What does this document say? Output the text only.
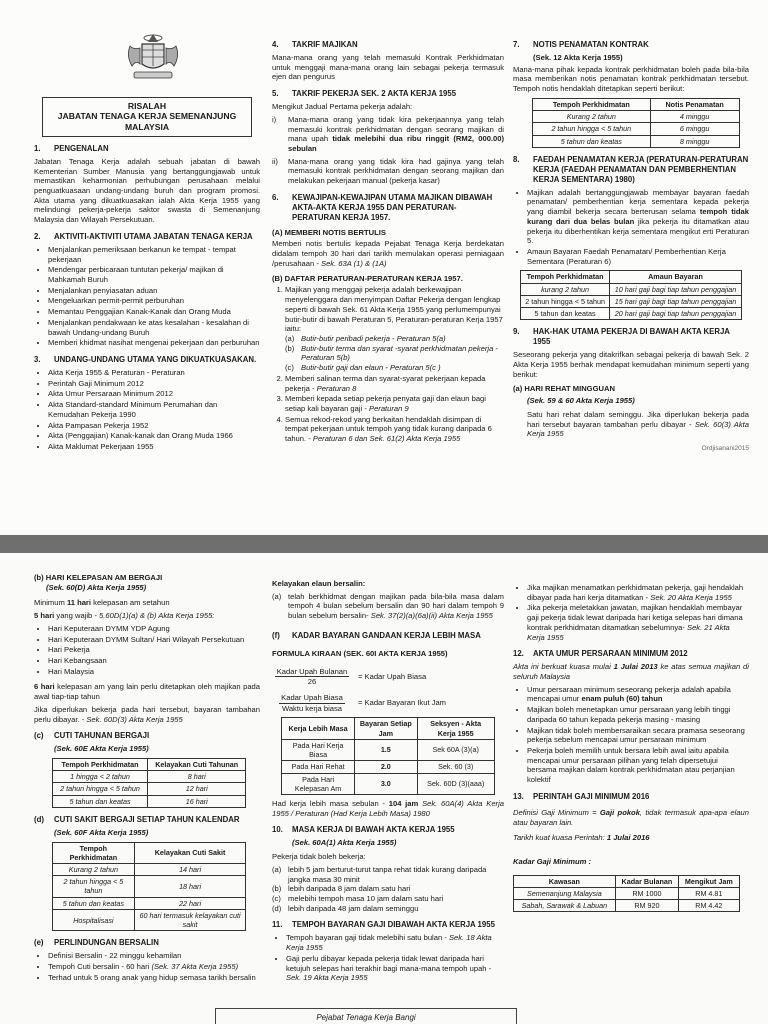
RISALAH
JABATAN TENAGA KERJA SEMENANJUNG
MALAYSIA
1.	PENGENALAN

Jabatan Tenaga Kerja adalah sebuah jabatan di bawah Kementerian Sumber Manusia yang bertanggungjawab untuk memastikan keharmonian perhubungan perusahaan melalui penguatkuasaan undang-undang buruh dan program promosi. Akta utama yang dikuatkuasakan ialah Akta Kerja 1955 yang melindungi pekerja-pekerja saktor swasta di Semenanjung Malaysia dan Wilayah Persekutuan.

2.	AKTIVITI-AKTIVITI UTAMA JABATAN TENAGA KERJA
• Menjalankan pemeriksaan berkanun ke tempat - tempat pekerjaan
• Mendengar perbicaraan tuntutan pekerja/ majikan di Mahkamah Buruh
• Menjalankan penyiasatan aduan
• Mengeluarkan permit-permit perburuhan
• Memantau Penggajian Kanak-Kanak dan Orang Muda
• Menjalankan pendakwaan ke atas kesalahan - kesalahan di bawah Undang-undang Buruh
• Memberi khidmat nasihat mengenai pekerjaan dan perburuhan
3.	UNDANG-UNDANG UTAMA YANG DIKUATKUASAKAN.
• Akta Kerja 1955 & Peraturan - Peraturan
• Perintah Gaji Minimum 2012
• Akta Umur Persaraan Minimum 2012
• Akta Standard-standard Minimum Perumahan dan Kemudahan Pekerja 1990
• Akta Pampasan Pekerja 1952
• Akta (Penggajian) Kanak-kanak dan Orang Muda 1966
• Akta Maklumat Pekerjaan 1955
4.	TAKRIF MAJIKAN

Mana-mana orang yang telah memasuki Kontrak Perkhidmatan untuk menggaji mana-mana orang lain sebagai pekerja termasuk ejen dan pengurus

5.	TAKRIF PEKERJA SEK. 2 AKTA KERJA 1955

Mengikut Jadual Pertama pekerja adalah:

i)	Mana-mana orang yang tidak kira pekerjaannya yang telah memasuki kontrak perkhidmatan dengan seorang majikan di mana upah tidak melebihi dua ribu ringgit (RM2, 000.00) sebulan
ii)	Mana-mana orang yang tidak kira had gajinya yang telah memasuki kontrak perkhidmatan dengan seorang majikan dan melakukan pekerjaan manual (pekerja kasar)
6.	KEWAJIPAN-KEWAJIPAN UTAMA MAJIKAN DIBAWAH AKTA-AKTA KERJA 1955 DAN PERATURAN-PERATURAN KERJA 1957.
(A) MEMBERI NOTIS BERTULIS

Memberi notis bertulis kepada Pejabat Tenaga Kerja berdekatan didalam tempoh 30 hari dari tarikh memulakan operasi perniagaan /perusahaan - Sek. 63A (1) & (1A)

(B) DAFTAR PERATURAN-PERATURAN KERJA 1957.
1. Majikan yang menggaji pekerja adalah berkewajipan menyelenggara dan menyimpan Daftar Pekerja dengan lengkap seperti di bawah Sek. 61 Akta Kerja 1955 yang perlumempunyai butir-butir di bawah Peraturan 5, Peraturan-peraturan Kerja 1957 iaitu:
(a) Butir-butir peribadi pekerja - Peraturan 5(a)
(b) Butir-butir terma dan syarat -syarat perkhidmatan pekerja - Peraturan 5(b)
(c) Butir-butir gaji dan elaun - Peraturan 5(c )
2. Memberi salinan terma dan syarat-syarat pekerjaan kepada pekerja - Peraturan 8
3. Memberi kepada setiap pekerja penyata gaji dan elaun bagi setiap kali bayaran gaji - Peraturan 9
4. Semua rekod-rekod yang berkaitan hendaklah disimpan di tempat pekerjaan untuk tempoh yang tidak kurang daripada 6 tahun. - Peraturan 6 dan Sek. 61(2) Akta Kerja 1955
7.	NOTIS PENAMATAN KONTRAK
(Sek. 12 Akta Kerja 1955)

Mana-mana pihak kepada kontrak perkhidmatan boleh pada bila-bila masa memberikan notis penamatan kontrak perkhidmatan tersebut. Tempoh notis hendaklah ditetapkan seperti berikut:

Tempoh Perkhidmatan	Notis Penamatan
Kurang 2 tahun	4 minggu
2 tahun hingga < 5 tahun	6 minggu
5 tahun dan keatas	8 minggu
8.	FAEDAH PENAMATAN KERJA (PERATURAN-PERATURAN KERJA (FAEDAH PENAMATAN DAN PEMBERHENTIAN KERJA SEMENTARA) 1980)
• Majikan adalah bertanggungjawab membayar bayaran faedah penamatan/ pemberhentian kerja sementara kepada pekerja yang diambil bekerja secara berterusan selama tempoh tidak kurang dari dua belas bulan jika pekerja itu ditamatkan atau pekerja itu diberhentikan kerja sementara mengikut erti Peraturan 5.
• Amaun Bayaran Faedah Penamatan/ Pemberhentian Kerja Sementara (Peraturan 6)
Tempoh Perkhidmatan	Amaun Bayaran
kurang 2 tahun	10 hari gaji bagi tiap tahun penggajian
2 tahun hingga < 5 tahun	15 hari gaji bagi tiap tahun penggajian
5 tahun dan keatas	20 hari gaji bagi tiap tahun penggajian
9.	HAK-HAK UTAMA PEKERJA DI BAWAH AKTA KERJA 1955

Seseorang pekerja yang ditakrifkan sebagai pekerja di bawah Sek. 2 Akta Kerja 1955 berhak mendapat kemudahan minimum seperti yang berikut:

(a) HARI REHAT MINGGUAN
(Sek. 59 & 60 Akta Kerja 1955)

Satu hari rehat dalam seminggu. Jika diperlukan bekerja pada hari tersebut bayaran tambahan perlu dibayar - Sek. 60(3) Akta Kerja 1955

Ordjisanani2015
(b) HARI KELEPASAN AM BERGAJI
(Sek. 60(D) Akta Kerja 1955)

Minimum 11 hari kelepasan am setahun

5 hari yang wajib - 5.60D(1)(a) & (b) Akta Kerja 1955:

• Hari Keputeraan DYMM YDP Agung
• Hari Keputeraan DYMM Sultan/ Hari Wilayah Persekutuan
• Hari Pekerja
• Hari Kebangsaan
• Hari Malaysia

6 hari kelepasan am yang lain perlu ditetapkan oleh majikan pada awal tiap-tiap tahun

Jika diperlukan bekerja pada hari tersebut, bayaran tambahan perlu dibayar. - Sek. 60D(3) Akta Kerja 1955

(c)	CUTI TAHUNAN BERGAJI
(Sek. 60E Akta Kerja 1955)
Tempoh Perkhidmatan	Kelayakan Cuti Tahunan
1 hingga < 2 tahun	8 hari
2 tahun hingga < 5 tahun	12 hari
5 tahun dan keatas	16 hari
(d)	CUTI SAKIT BERGAJI SETIAP TAHUN KALENDAR
(Sek. 60F Akta Kerja 1955)
Tempoh Perkhidmatan	Kelayakan Cuti Sakit
Kurang 2 tahun	14 hari
2 tahun hingga < 5 tahun	18 hari
5 tahun dan keatas	22 hari
Hospitalisasi	60 hari termasuk kelayakan cuti sakit
(e)	PERLINDUNGAN BERSALIN
• Definisi Bersalin - 22 minggu kehamilan
• Tempoh Cuti bersalin - 60 hari (Sek. 37 Akta Kerja 1955)
• Terhad untuk 5 orang anak yang hidup semasa tarikh bersalin
Kelayakan elaun bersalin:
(a) telah berkhidmat dengan majikan pada bila-bila masa dalam tempoh 4 bulan sebelum bersalin dan 90 hari dalam tempoh 9 bulan sebelum bersalin- Sek. 37(2)(a)(6a)(ii) Akta Kerja 1955
(f)	KADAR BAYARAN GANDAAN KERJA LEBIH MASA
FORMULA KIRAAN (SEK. 60I AKTA KERJA 1955)
$\frac{\text{Kadar Upah Bulanan}}{26}$ = Kadar Upah Biasa
$\frac{\text{Kadar Upah Biasa}}{\text{Waktu kerja biasa}}$ = Kadar Bayaran Ikut Jam
Kerja Lebih Masa	Bayaran Setiap Jam	Seksyen - Akta Kerja 1955
Pada Hari Kerja Biasa	1.5	Sek 60A (3)(a)
Pada Hari Rehat	2.0	Sek. 60 (3)
Pada Hari Kelepasan Am	3.0	Sek. 60D (3)(aaa)

Had kerja lebih masa sebulan - 104 jam Sek. 60A(4) Akta Kerja 1955 / Peraturan (Had Kerja Lebih Masa) 1980

10.	MASA KERJA DI BAWAH AKTA KERJA 1955
(Sek. 60A(1) Akta Kerja 1955)

Pekerja tidak boleh bekerja:

(a) lebih 5 jam berturut-turut tanpa rehat tidak kurang daripada jangka masa 30 minit
(b) lebih daripada 8 jam dalam satu hari
(c) melebihi tempoh masa 10 jam dalam satu hari
(d) lebih daripada 48 jam dalam seminggu
11.	TEMPOH BAYARAN GAJI DIBAWAH AKTA KERJA 1955
• Tempoh bayaran gaji tidak melebihi satu bulan - Sek. 18 Akta Kerja 1955
• Gaji perlu dibayar kepada pekerja tidak lewat daripada hari ketujuh selepas hari terakhir bagi mana-mana tempoh upah - Sek. 19 Akta Kerja 1955
• Jika majikan menamatkan perkhidmatan pekerja, gaji hendaklah dibayar pada hari kerja ditamatkan - Sek. 20 Akta Kerja 1955
• Jika pekerja meletakkan jawatan, majikan hendaklah membayar gaji pekerja tidak lewat daripada hari ketiga selepas hari dimana kontrak perkhidmatan ditamatkan sebelumnya- Sek. 21 Akta Kerja 1955
12.	AKTA UMUR PERSARAAN MINIMUM 2012

Akta ini berkuat kuasa mulai 1 Julai 2013 ke atas semua majikan di seluruh Malaysia

• Umur persaraan minimum seseorang pekerja adalah apabila mencapai umur enam puluh (60) tahun
• Majikan boleh menetapkan umur persaraan yang lebih tinggi daripada 60 tahun kepada pekerja masing - masing
• Majikan tidak boleh membersaraikan secara pramasa seseorang pekerja sebelum mencapai umur persaraan minimum
• Pekerja boleh memilih untuk bersara lebih awal iaitu apabila mencapai umur persaraan pilihan yang telah dipersetujui bersama majikan dalam kontrak perkhidmatan atau perjanjian kolektif
13.	PERINTAH GAJI MINIMUM 2016

Definisi Gaji Minimum = Gaji pokok, tidak termasuk apa-apa elaun atau bayaran lain.

Tarikh kuat kuasa Perintah: 1 Julai 2016

Kadar Gaji Minimum :
Kawasan	Kadar Bulanan	Mengikut Jam
Semenanjung Malaysia	RM 1000	RM 4.81
Sabah, Sarawak & Labuan	RM 920	RM 4.42
Pejabat Tenaga Kerja Bangi
